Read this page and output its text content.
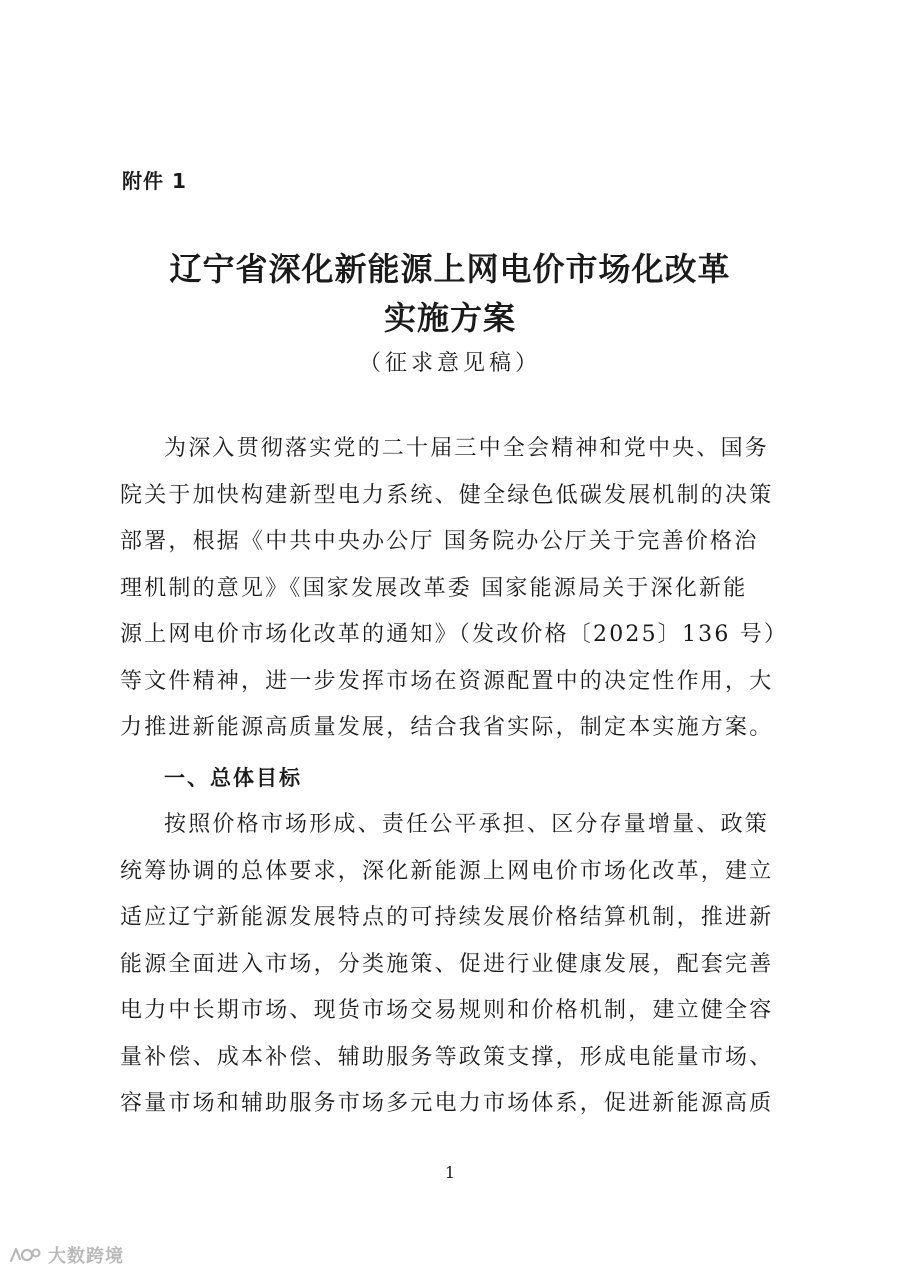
附件 1
辽宁省深化新能源上网电价市场化改革
实施方案
（征求意见稿）
为深入贯彻落实党的二十届三中全会精神和党中央、国务
院关于加快构建新型电力系统、健全绿色低碳发展机制的决策
部署，根据《中共中央办公厅 国务院办公厅关于完善价格治
理机制的意见》《国家发展改革委 国家能源局关于深化新能
源上网电价市场化改革的通知》（发改价格〔2025〕136 号）
等文件精神，进一步发挥市场在资源配置中的决定性作用，大
力推进新能源高质量发展，结合我省实际，制定本实施方案。
一、总体目标
按照价格市场形成、责任公平承担、区分存量增量、政策
统筹协调的总体要求，深化新能源上网电价市场化改革，建立
适应辽宁新能源发展特点的可持续发展价格结算机制，推进新
能源全面进入市场，分类施策、促进行业健康发展，配套完善
电力中长期市场、现货市场交易规则和价格机制，建立健全容
量补偿、成本补偿、辅助服务等政策支撑，形成电能量市场、
容量市场和辅助服务市场多元电力市场体系，促进新能源高质
1
大数跨境
